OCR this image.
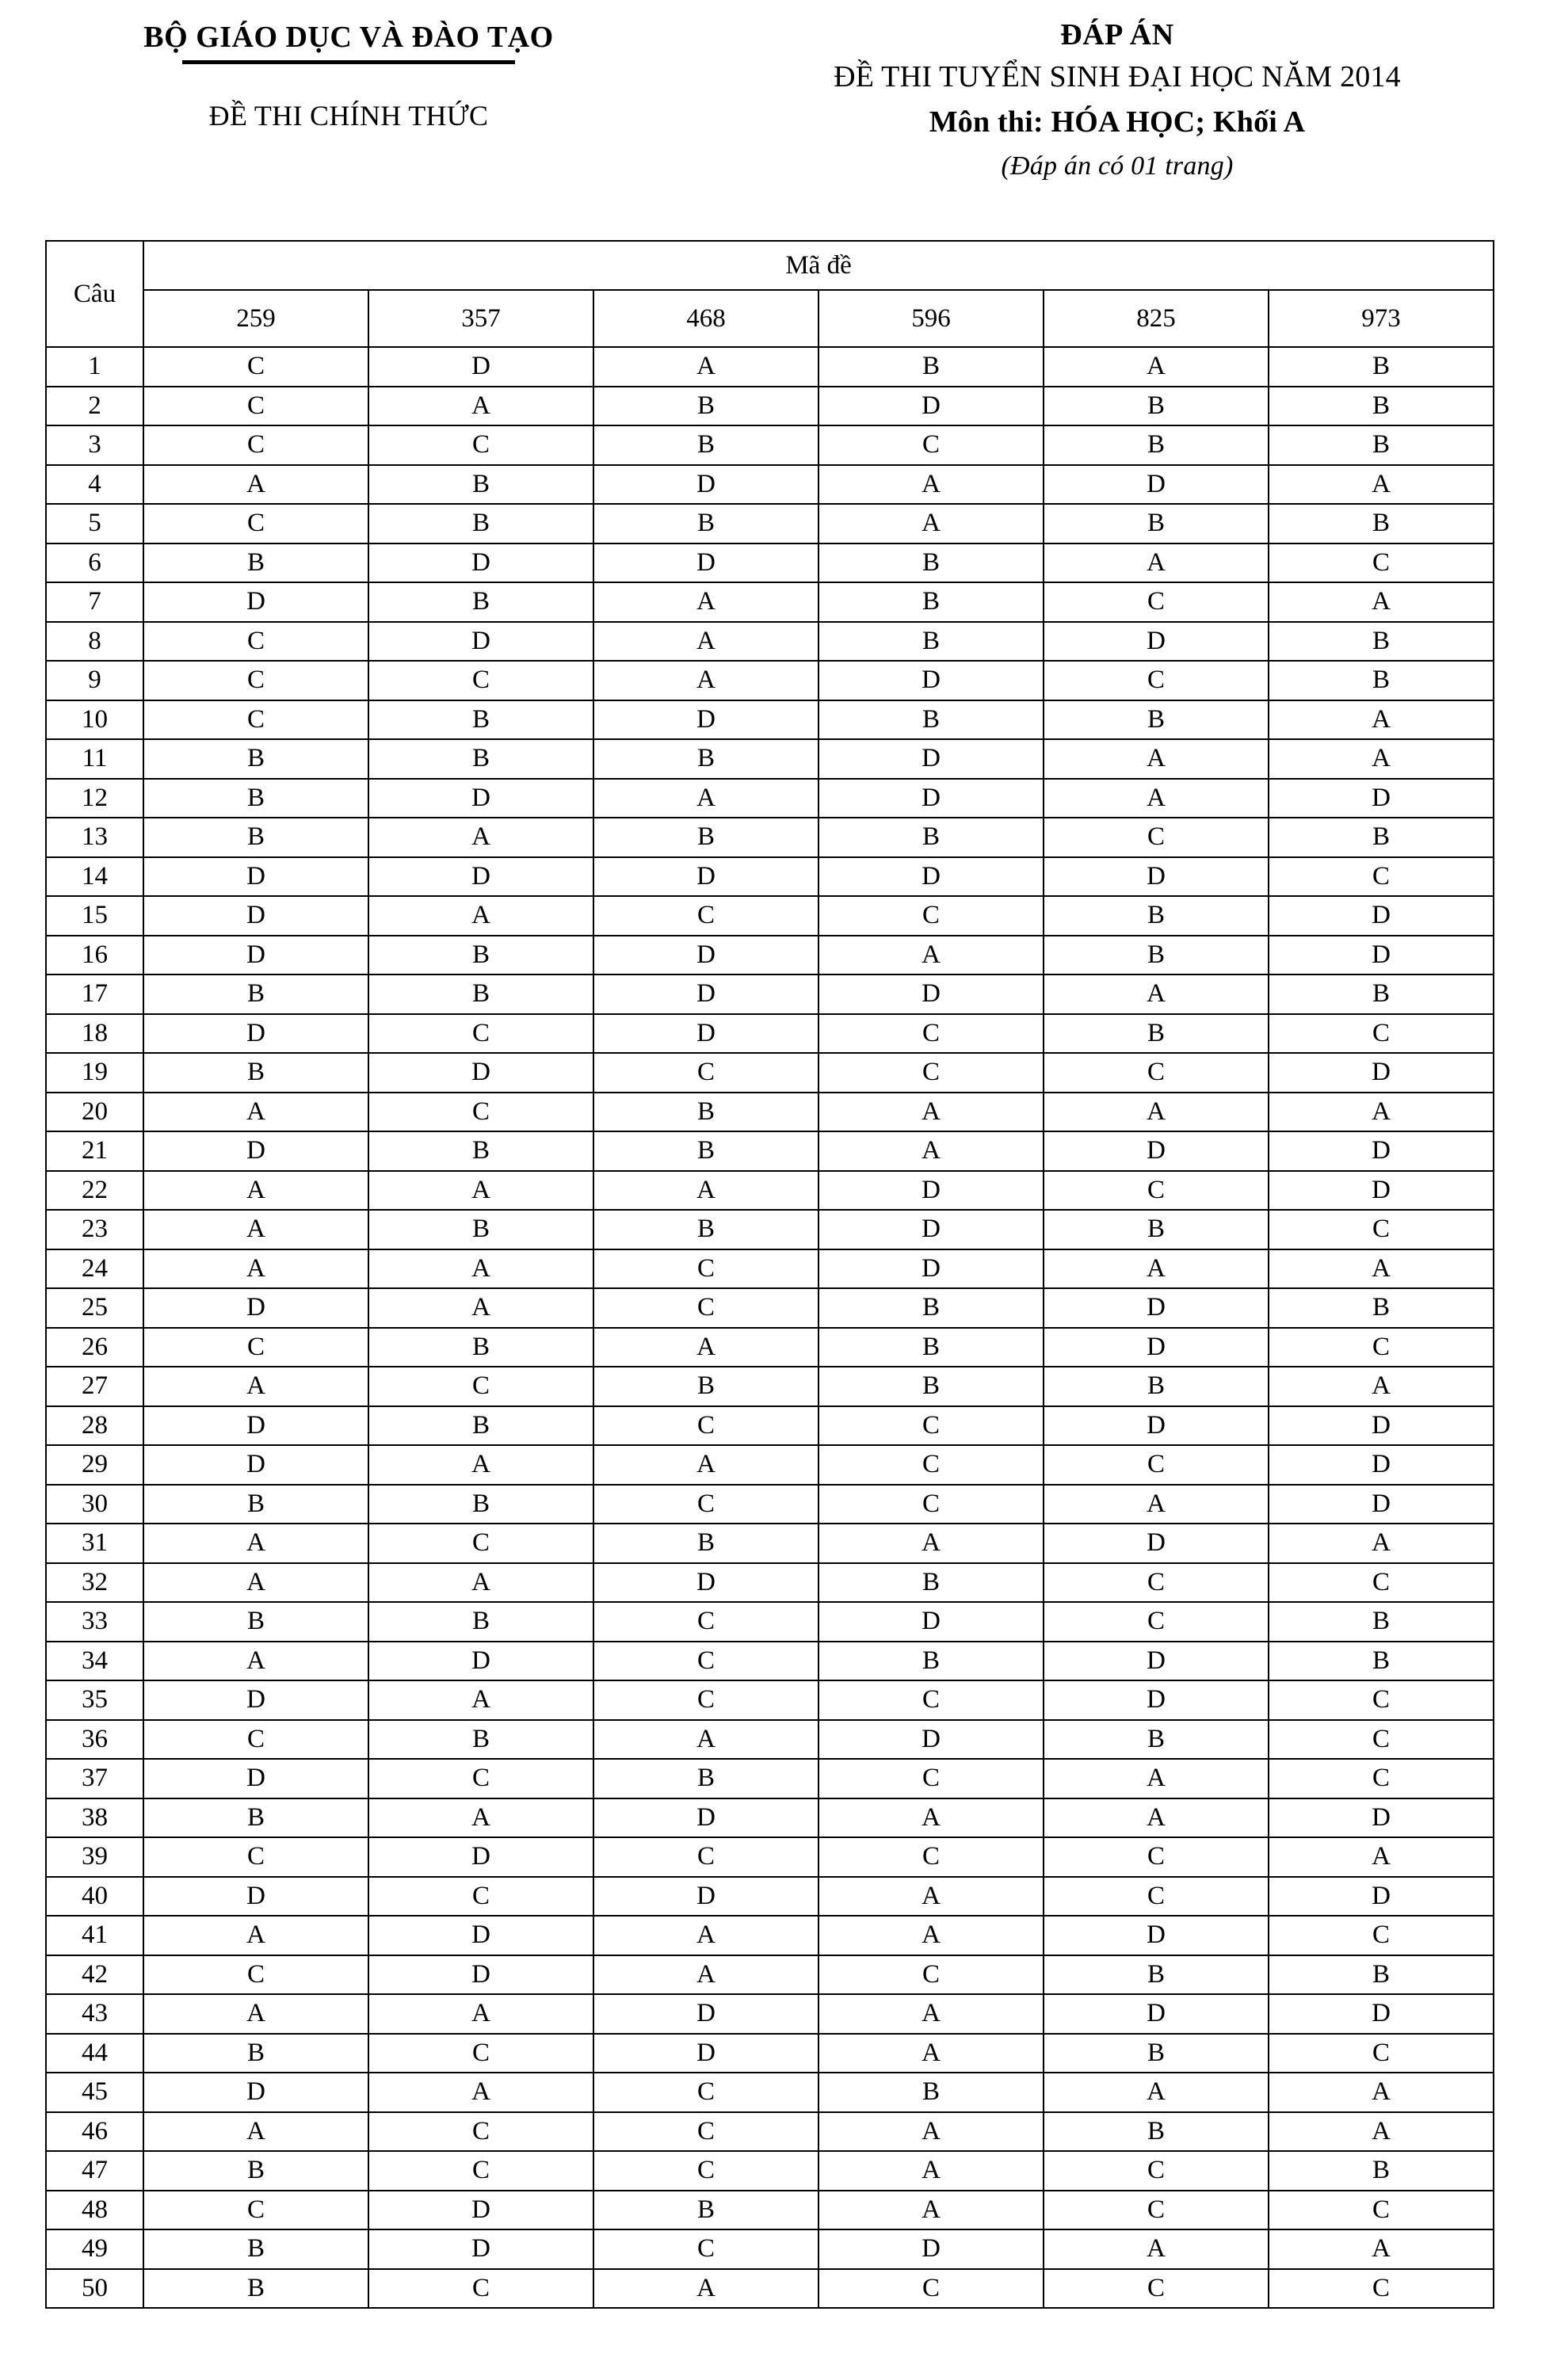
BỘ GIÁO DỤC VÀ ĐÀO TẠO
ĐỀ THI CHÍNH THỨC
ĐÁP ÁN
ĐỀ THI TUYỂN SINH ĐẠI HỌC NĂM 2014
Môn thi: HÓA HỌC; Khối A
(Đáp án có 01 trang)
Câu	Mã đề					
	259	357	468	596	825	973
1	C	D	A	B	A	B
2	C	A	B	D	B	B
3	C	C	B	C	B	B
4	A	B	D	A	D	A
5	C	B	B	A	B	B
6	B	D	D	B	A	C
7	D	B	A	B	C	A
8	C	D	A	B	D	B
9	C	C	A	D	C	B
10	C	B	D	B	B	A
11	B	B	B	D	A	A
12	B	D	A	D	A	D
13	B	A	B	B	C	B
14	D	D	D	D	D	C
15	D	A	C	C	B	D
16	D	B	D	A	B	D
17	B	B	D	D	A	B
18	D	C	D	C	B	C
19	B	D	C	C	C	D
20	A	C	B	A	A	A
21	D	B	B	A	D	D
22	A	A	A	D	C	D
23	A	B	B	D	B	C
24	A	A	C	D	A	A
25	D	A	C	B	D	B
26	C	B	A	B	D	C
27	A	C	B	B	B	A
28	D	B	C	C	D	D
29	D	A	A	C	C	D
30	B	B	C	C	A	D
31	A	C	B	A	D	A
32	A	A	D	B	C	C
33	B	B	C	D	C	B
34	A	D	C	B	D	B
35	D	A	C	C	D	C
36	C	B	A	D	B	C
37	D	C	B	C	A	C
38	B	A	D	A	A	D
39	C	D	C	C	C	A
40	D	C	D	A	C	D
41	A	D	A	A	D	C
42	C	D	A	C	B	B
43	A	A	D	A	D	D
44	B	C	D	A	B	C
45	D	A	C	B	A	A
46	A	C	C	A	B	A
47	B	C	C	A	C	B
48	C	D	B	A	C	C
49	B	D	C	D	A	A
50	B	C	A	C	C	C
